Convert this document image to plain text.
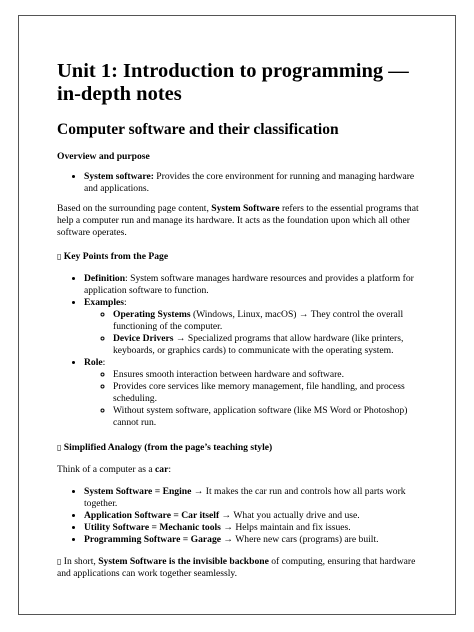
Unit 1: Introduction to programming — in-depth notes
Computer software and their classification
Overview and purpose
• System software: Provides the core environment for running and managing hardware and applications.

Based on the surrounding page content, System Software refers to the essential programs that help a computer run and manage its hardware. It acts as the foundation upon which all other software operates.

▯ Key Points from the Page
• Definition: System software manages hardware resources and provides a platform for application software to function.
• Examples:
◦ Operating Systems (Windows, Linux, macOS) → They control the overall functioning of the computer.
◦ Device Drivers → Specialized programs that allow hardware (like printers, keyboards, or graphics cards) to communicate with the operating system.
• Role:
◦ Ensures smooth interaction between hardware and software.
◦ Provides core services like memory management, file handling, and process scheduling.
◦ Without system software, application software (like MS Word or Photoshop) cannot run.
▯ Simplified Analogy (from the page’s teaching style)

Think of a computer as a car:

• System Software = Engine → It makes the car run and controls how all parts work together.
• Application Software = Car itself → What you actually drive and use.
• Utility Software = Mechanic tools → Helps maintain and fix issues.
• Programming Software = Garage → Where new cars (programs) are built.

▯ In short, System Software is the invisible backbone of computing, ensuring that hardware and applications can work together seamlessly.
